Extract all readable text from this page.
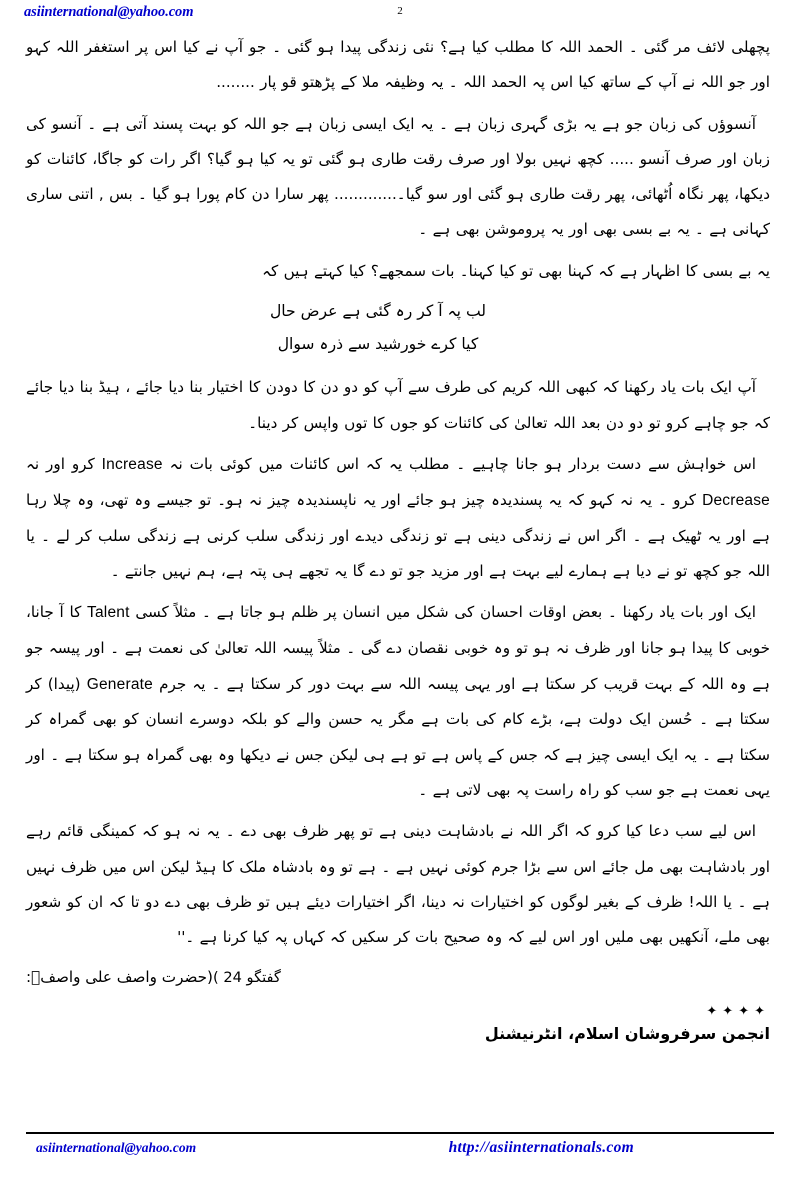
asiinternational@yahoo.com	2

پچھلی لائف مر گئی ۔ الحمد اللہ کا مطلب کیا ہے؟ نئی زندگی پیدا ہو گئی ۔ جو آپ نے کیا اس پر استغفر اللہ کہو اور جو اللہ نے آپ کے ساتھ کیا اس پہ الحمد اللہ ۔ یہ وظیفہ ملا کے پڑھتو قو پار ........

آنسوؤں کی زبان جو ہے یہ بڑی گہری زبان ہے ۔ یہ ایک ایسی زبان ہے جو اللہ کو بہت پسند آتی ہے ۔ آنسو کی زبان اور صرف آنسو ..... کچھ نہیں بولا اور صرف رقت طاری ہو گئی تو یہ کیا ہو گیا؟ اگر رات کو جاگا، کائنات کو دیکھا، پھر نگاہ اُٹھائی، پھر رقت طاری ہو گئی اور سو گیا۔............. پھر سارا دن کام پورا ہو گیا ۔ بس , اتنی ساری کہانی ہے ۔ یہ بے بسی بھی اور یہ پروموشن بھی ہے ۔

یہ بے بسی کا اظہار ہے کہ کہنا بھی تو کیا کہنا۔ بات سمجھے؟ کیا کہتے ہیں کہ

لب پہ آ کر رہ گئی ہے عرض حال
کیا کرے خورشید سے ذرہ سوال

آپ ایک بات یاد رکھنا کہ کبھی اللہ کریم کی طرف سے آپ کو دو دن کا دودن کا اختیار بنا دیا جائے ، ہیڈ بنا دیا جائے کہ جو چاہے کرو تو دو دن بعد اللہ تعالیٰ کی کائنات کو جوں کا توں واپس کر دینا۔

اس خواہش سے دست بردار ہو جانا چاہیے ۔ مطلب یہ کہ اس کائنات میں کوئی بات نہ Increase کرو اور نہ Decrease کرو ۔ یہ نہ کہو کہ یہ پسندیدہ چیز ہو جائے اور یہ ناپسندیدہ چیز نہ ہو۔ تو جیسے وہ تھی، وہ چلا رہا ہے اور یہ ٹھیک ہے ۔ اگر اس نے زندگی دینی ہے تو زندگی دیدے اور زندگی سلب کرنی ہے زندگی سلب کر لے ۔ یا اللہ جو کچھ تو نے دیا ہے ہمارے لیے بہت ہے اور مزید جو تو دے گا یہ تجھے ہی پتہ ہے، ہم نہیں جانتے ۔

ایک اور بات یاد رکھنا ۔ بعض اوقات احسان کی شکل میں انسان پر ظلم ہو جاتا ہے ۔ مثلاً کسی Talent کا آ جانا، خوبی کا پیدا ہو جانا اور ظرف نہ ہو تو وہ خوبی نقصان دے گی ۔ مثلاً پیسہ اللہ تعالیٰ کی نعمت ہے ۔ اور پیسہ جو ہے وہ اللہ کے بہت قریب کر سکتا ہے اور یہی پیسہ اللہ سے بہت دور کر سکتا ہے ۔ یہ جرم Generate (پیدا) کر سکتا ہے ۔ حُسن ایک دولت ہے، بڑے کام کی بات ہے مگر یہ حسن والے کو بلکہ دوسرے انسان کو بھی گمراہ کر سکتا ہے ۔ یہ ایک ایسی چیز ہے کہ جس کے پاس ہے تو ہے ہی لیکن جس نے دیکھا وہ بھی گمراہ ہو سکتا ہے ۔ اور یہی نعمت ہے جو سب کو راہ راست پہ بھی لاتی ہے ۔

اس لیے سب دعا کیا کرو کہ اگر اللہ نے بادشاہت دینی ہے تو پھر ظرف بھی دے ۔ یہ نہ ہو کہ کمینگی قائم رہے اور بادشاہت بھی مل جائے اس سے بڑا جرم کوئی نہیں ہے ۔ ہے تو وہ بادشاہ ملک کا ہیڈ لیکن اس میں ظرف نہیں ہے ۔ یا اللہ! ظرف کے بغیر لوگوں کو اختیارات نہ دینا، اگر اختیارات دیئے ہیں تو ظرف بھی دے دو تا کہ ان کو شعور بھی ملے، آنکھیں بھی ملیں اور اس لیے کہ وہ صحیح بات کر سکیں کہ کہاں پہ کیا کرنا ہے ۔''

(حضرت واصف علی واصفؒ: گفتگو 24 )
✦✦✦✦
انجمن سرفروشان اسلام، انٹرنیشنل
asiinternational@yahoo.com	http://asiinternationals.com
